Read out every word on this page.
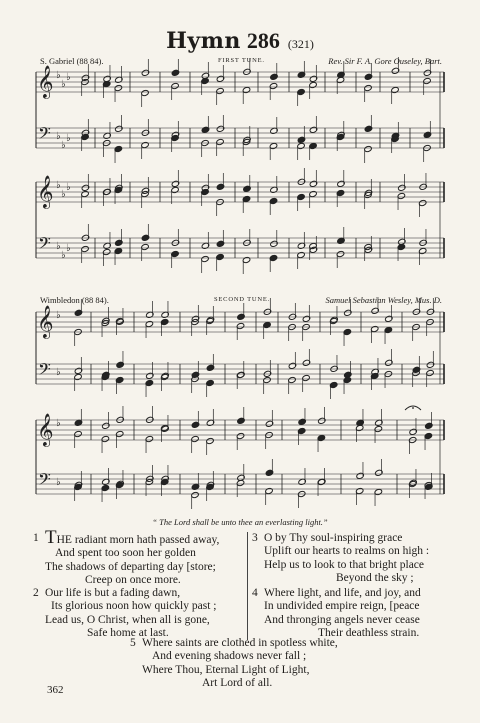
Hymn 286 (321)
S. Gabriel (88 84).	FIRST TUNE.	Rev. Sir F. A. Gore Ouseley, Bart.
Wimbledon (88 84).	SECOND TUNE.	Samuel Sebastian Wesley, Mus. D.
𝄞 ♭
♭
♭
𝄢 ♭
♭
♭
𝄞 ♭
♭
♭
𝄢 ♭
♭
♭
𝄞 ♭
𝄢 ♭
𝄞 ♭
𝄢 ♭
“ The Lord shall be unto thee an everlasting light.”
1 THE radiant morn hath passed away,
And spent too soon her golden
The shadows of departing day [store;
Creep on once more.
2 Our life is but a fading dawn,
Its glorious noon how quickly past ;
Lead us, O Christ, when all is gone,
Safe home at last.
3 O by Thy soul-inspiring grace
Uplift our hearts to realms on high :
Help us to look to that bright place
Beyond the sky ;
4 Where light, and life, and joy, and
In undivided empire reign, [peace
And thronging angels never cease
Their deathless strain.
5 Where saints are clothed in spotless white,
And evening shadows never fall ;
Where Thou, Eternal Light of Light,
Art Lord of all.
362
